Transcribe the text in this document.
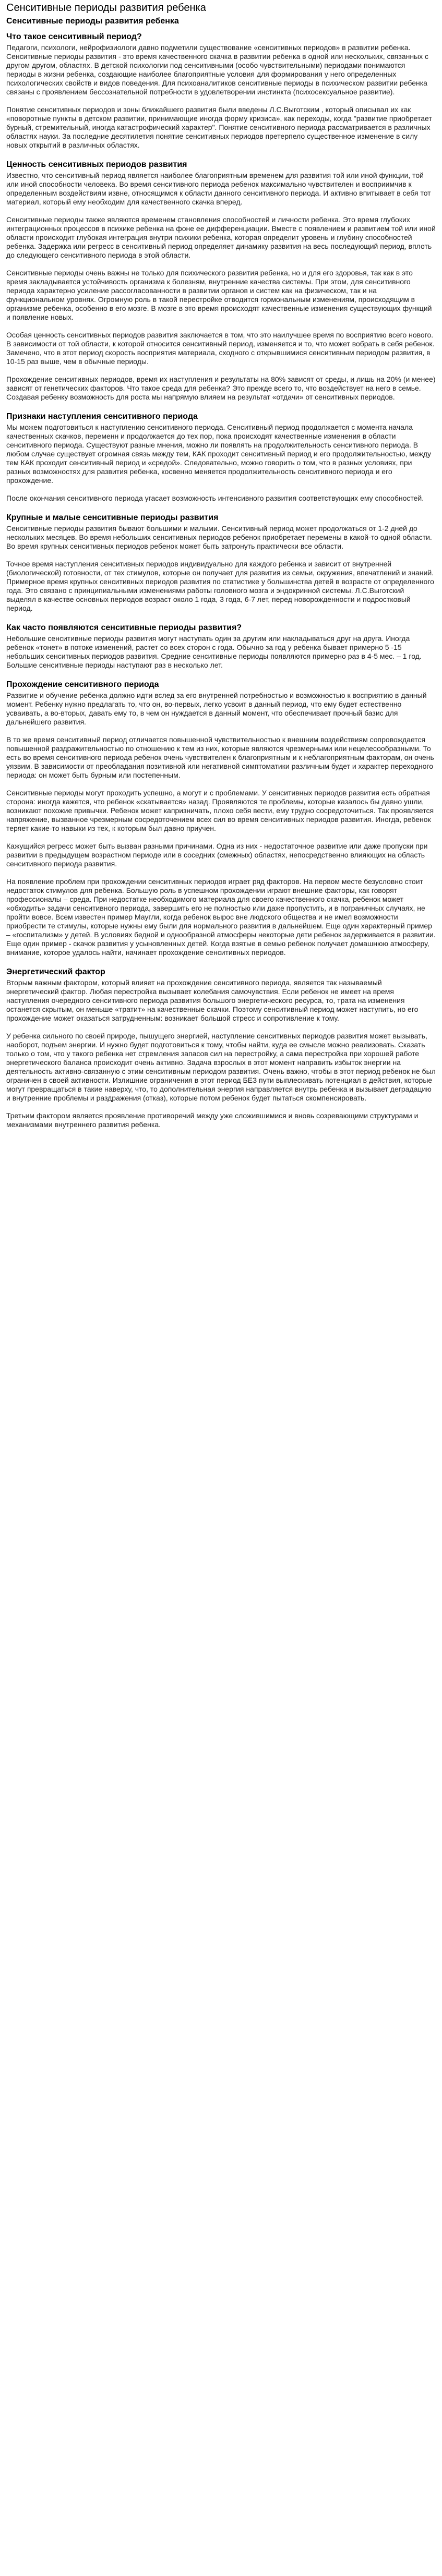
Сенситивные периоды развития ребенка
Сенситивные периоды развития ребенка
Что такое сенситивный период?

Педагоги, психологи, нейрофизиологи давно подметили существование «сенситивных периодов» в развитии ребенка. Сенситивные периоды развития - это время качественного скачка в развитии ребенка в одной или нескольких, связанных с другом другом, областях. В детской психологии под сенситивными (особо чувствительными) периодами понимаются периоды в жизни ребенка, создающие наиболее благоприятные условия для формирования у него определенных психологических свойств и видов поведения. Для психоаналитиков сенситивные периоды в психическом развитии ребенка связаны с проявлением бессознательной потребности в удовлетворении инстинкта (психосексуальное развитие).

Понятие сенситивных периодов и зоны ближайшего развития были введены Л.С.Выготским , который описывал их как «поворотные пункты в детском развитии, принимающие иногда форму кризиса», как переходы, когда "развитие приобретает бурный, стремительный, иногда катастрофический характер". Понятие сенситивного периода рассматривается в различных областях науки. За последние десятилетия понятие сенситивных периодов претерпело существенное изменение в силу новых открытий в различных областях.

Ценность сенситивных периодов развития

Известно, что сенситивный период является наиболее благоприятным временем для развития той или иной функции, той или иной способности человека. Во время сенситивного периода ребенок максимально чувствителен и восприимчив к определенным воздействиям извне, относящимся к области данного сенситивного периода. И активно впитывает в себя тот материал, который ему необходим для качественного скачка вперед.

Сенситивные периоды также являются временем становления способностей и личности ребенка. Это время глубоких интеграционных процессов в психике ребенка на фоне ее дифференциации. Вместе с появлением и развитием той или иной области происходит глубокая интеграция внутри психики ребенка, которая определит уровень и глубину способностей ребенка. Задержка или регресс в сенситивный период определяет динамику развития на весь последующий период, вплоть до следующего сенситивного периода в этой области.

Сенситивные периоды очень важны не только для психического развития ребенка, но и для его здоровья, так как в это время закладывается устойчивость организма к болезням, внутренние качества системы. При этом, для сенситивного периода характерно усиление рассогласованности в развитии органов и систем как на физическом, так и на функциональном уровнях. Огромную роль в такой перестройке отводится гормональным изменениям, происходящим в организме ребенка, особенно в его мозге. В мозге в это время происходят качественные изменения существующих функций и появление новых.

Особая ценность сенситивных периодов развития заключается в том, что это наилучшее время по восприятию всего нового. В зависимости от той области, к которой относится сенситивный период, изменяется и то, что может вобрать в себя ребенок. Замечено, что в этот период скорость восприятия материала, сходного с открывшимися сенситивным периодом развития, в 10-15 раз выше, чем в обычные периоды.

Прохождение сенситивных периодов, время их наступления и результаты на 80% зависят от среды, и лишь на 20% (и менее) зависят от генетических факторов. Что такое среда для ребенка? Это прежде всего то, что воздействует на него в семье. Создавая ребенку возможность для роста мы напрямую влияем на результат «отдачи» от сенситивных периодов.

Признаки наступления сенситивного периода

Мы можем подготовиться к наступлению сенситивного периода. Сенситивный период продолжается с момента начала качественных скачков, переменн и продолжается до тех пор, пока происходят качественные изменения в области сенситивного периода. Существуют разные мнения, можно ли появлять на продолжительность сенситивного периода. В любом случае существует огромная связь между тем, КАК проходит сенситивный период и его продолжительностью, между тем КАК проходит сенситивный период и «средой». Следовательно, можно говорить о том, что в разных условиях, при разных возможностях для развития ребенка, косвенно меняется продолжительность сенситивного периода и его прохождение.

После окончания сенситивного периода угасает возможность интенсивного развития соответствующих ему способностей.

Крупные и малые сенситивные периоды развития

Сенситивные периоды развития бывают большими и малыми. Сенситивный период может продолжаться от 1-2 дней до нескольких месяцев. Во время небольших сенситивных периодов ребенок приобретает перемены в какой-то одной области. Во время крупных сенситивных периодов ребенок может быть затронуть практически все области.

Точное время наступления сенситивных периодов индивидуально для каждого ребенка и зависит от внутренней (биологической) готовности, от тех стимулов, которые он получает для развития из семьи, окружения, впечатлений и знаний. Примерное время крупных сенситивных периодов развития по статистике у большинства детей в возрасте от определенного года. Это связано с принципиальными изменениями работы головного мозга и эндокринной системы. Л.С.Выготский выделял в качестве основных периодов возраст около 1 года, 3 года, 6-7 лет, перед новорожденности и подростковый период.

Как часто появляются сенситивные периоды развития?

Небольшие сенситивные периоды развития могут наступать один за другим или накладываться друг на друга. Иногда ребенок «тонет» в потоке изменений, растет со всех сторон с года. Обычно за год у ребенка бывает примерно 5 -15 небольших сенситивных периодов развития. Средние сенситивные периоды появляются примерно раз в 4-5 мес. – 1 год. Большие сенситивные периоды наступают раз в несколько лет.

Прохождение сенситивного периода

Развитие и обучение ребенка должно идти вслед за его внутренней потребностью и возможностью к восприятию в данный момент. Ребенку нужно предлагать то, что он, во-первых, легко усвоит в данный период, что ему будет естественно усваивать, а во-вторых, давать ему то, в чем он нуждается в данный момент, что обеспечивает прочный базис для дальнейшего развития.

В то же время сенситивный период отличается повышенной чувствительностью к внешним воздействиям сопровождается повышенной раздражительностью по отношению к тем из них, которые являются чрезмерными или нецелесообразными. То есть во время сенситивного периода ребенок очень чувствителен к благоприятным и к неблагоприятным факторам, он очень уязвим. В зависимости от преобладания позитивной или негативной симптоматики различным будет и характер переходного периода: он может быть бурным или постепенным.

Сенситивные периоды могут проходить успешно, а могут и с проблемами. У сенситивных периодов развития есть обратная сторона: иногда кажется, что ребенок «скатывается» назад. Проявляются те проблемы, которые казалось бы давно ушли, возникают похожие привычки. Ребенок может капризничать, плохо себя вести, ему трудно сосредоточиться. Так проявляется напряжение, вызванное чрезмерным сосредоточением всех сил во время сенситивных периодов развития. Иногда, ребенок теряет какие-то навыки из тех, к которым был давно приучен.

Кажущийся регресс может быть вызван разными причинами. Одна из них - недостаточное развитие или даже пропуски при развитии в предыдущем возрастном периоде или в соседних (смежных) областях, непосредственно влияющих на область сенситивного периода развития.

На появление проблем при прохождении сенситивных периодов играет ряд факторов. На первом месте безусловно стоит недостаток стимулов для ребенка. Большую роль в успешном прохождении играют внешние факторы, как говорят профессионалы – среда. При недостатке необходимого материала для своего качественного скачка, ребенок может «обходить» задачи сенситивного периода, завершить его не полностью или даже пропустить, и в пограничных случаях, не пройти вовсе. Всем известен пример Маугли, когда ребенок вырос вне людского общества и не имел возможности приобрести те стимулы, которые нужны ему были для нормального развития в дальнейшем. Еще один характерный пример – «госпитализм» у детей. В условиях бедной и однообразной атмосферы некоторые дети ребенок задерживается в развитии. Еще один пример - скачок развития у усыновленных детей. Когда взятые в семью ребенок получает домашнюю атмосферу, внимание, которое удалось найти, начинает прохождение сенситивных периодов.

Энергетический фактор

Вторым важным фактором, который влияет на прохождение сенситивного периода, является так называемый энергетический фактор. Любая перестройка вызывает колебания самочувствия. Если ребенок не имеет на время наступления очередного сенситивного периода развития большого энергетического ресурса, то, трата на изменения останется скрытым, он меньше «тратит» на качественные скачки. Поэтому сенситивный период может наступить, но его прохождение может оказаться затрудненным: возникает большой стресс и сопротивление к тому.

У ребенка сильного по своей природе, пышущего энергией, наступление сенситивных периодов развития может вызывать, наоборот, подъем энергии. И нужно будет подготовиться к тому, чтобы найти, куда ее смысле можно реализовать. Сказать только о том, что у такого ребенка нет стремления запасов сил на перестройку, а сама перестройка при хорошей работе энергетического баланса происходит очень активно. Задача взрослых в этот момент направить избыток энергии на деятельность активно-связанную с этим сенситивным периодом развития. Очень важно, чтобы в этот период ребенок не был ограничен в своей активности. Излишние ограничения в этот период БЕЗ пути выплескивать потенциал в действия, которые могут превращаться в такие наверху, что, то дополнительная энергия направляется внутрь ребенка и вызывает деградацию и внутренние проблемы и раздражения (отказ), которые потом ребенок будет пытаться скомпенсировать.

Третьим фактором является проявление противоречий между уже сложившимися и вновь созревающими структурами и механизмами внутреннего развития ребенка.
